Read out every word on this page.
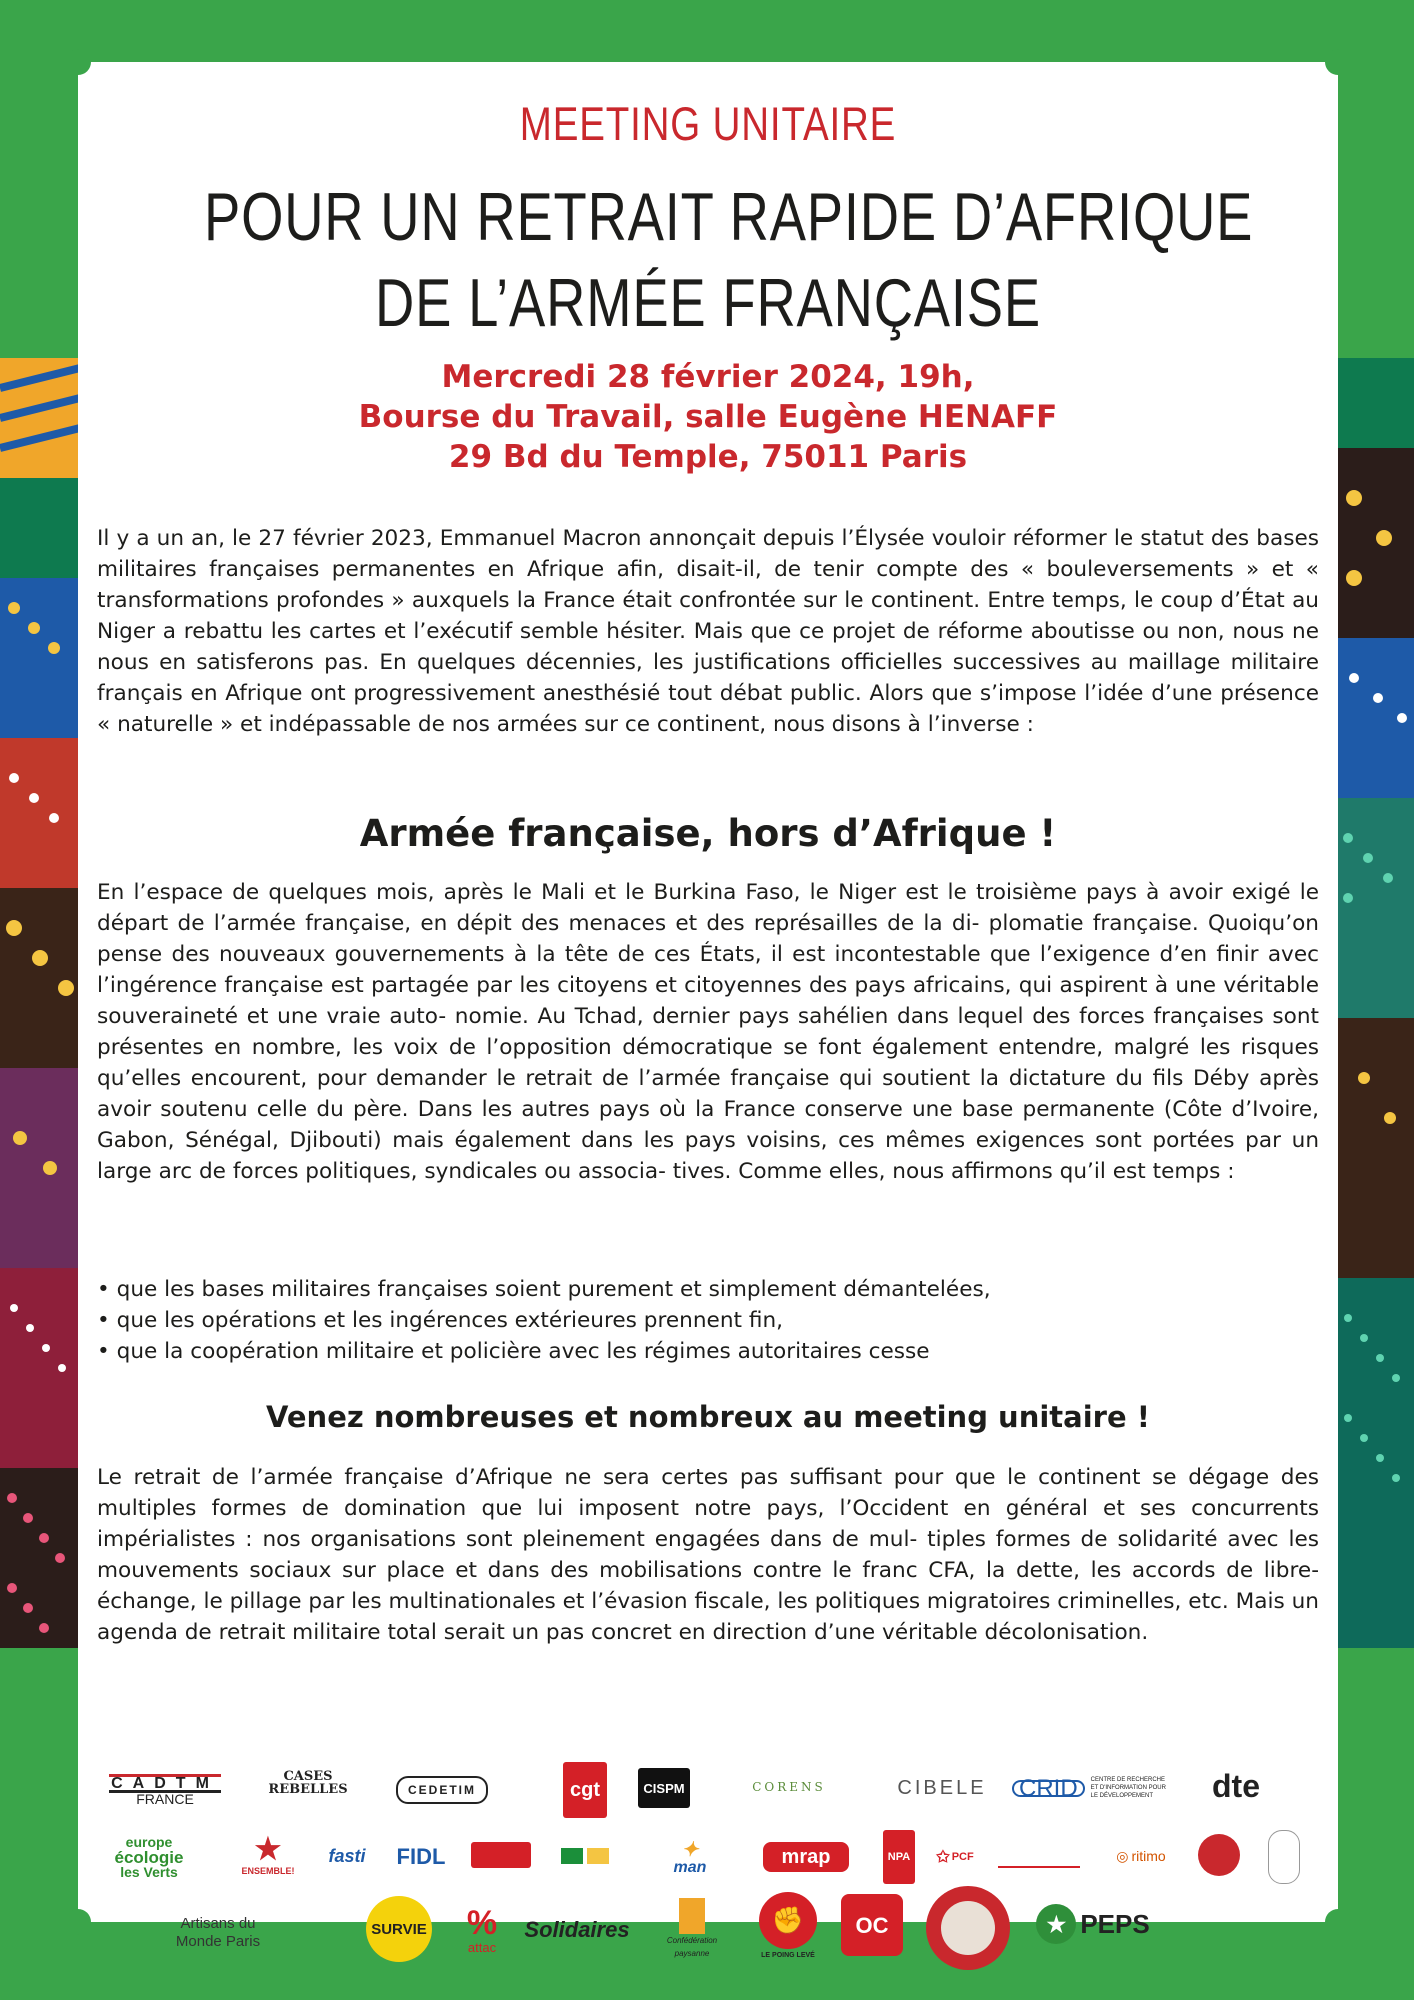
MEETING UNITAIRE
POUR UN RETRAIT RAPIDE D’AFRIQUE
DE L’ARMÉE FRANÇAISE
Mercredi 28 février 2024, 19h,
Bourse du Travail, salle Eugène HENAFF
29 Bd du Temple, 75011 Paris
Il y a un an, le 27 février 2023, Emmanuel Macron annonçait depuis l’Élysée vouloir réformer le statut des bases militaires françaises permanentes en Afrique afin, disait-il, de tenir compte des « bouleversements » et « transformations profondes » auxquels la France était confrontée sur le continent. Entre temps, le coup d’État au Niger a rebattu les cartes et l’exécutif semble hésiter. Mais que ce projet de réforme aboutisse ou non, nous ne nous en satisferons pas. En quelques décennies, les justifications officielles successives au maillage militaire français en Afrique ont progressivement anesthésié tout débat public. Alors que s’impose l’idée d’une présence « naturelle » et indépassable de nos armées sur ce continent, nous disons à l’inverse :
Armée française, hors d’Afrique !
En l’espace de quelques mois, après le Mali et le Burkina Faso, le Niger est le troisième pays à avoir exigé le départ de l’armée française, en dépit des menaces et des représailles de la di- plomatie française. Quoiqu’on pense des nouveaux gouvernements à la tête de ces États, il est incontestable que l’exigence d’en finir avec l’ingérence française est partagée par les citoyens et citoyennes des pays africains, qui aspirent à une véritable souveraineté et une vraie auto- nomie. Au Tchad, dernier pays sahélien dans lequel des forces françaises sont présentes en nombre, les voix de l’opposition démocratique se font également entendre, malgré les risques qu’elles encourent, pour demander le retrait de l’armée française qui soutient la dictature du fils Déby après avoir soutenu celle du père. Dans les autres pays où la France conserve une base permanente (Côte d’Ivoire, Gabon, Sénégal, Djibouti) mais également dans les pays voisins, ces mêmes exigences sont portées par un large arc de forces politiques, syndicales ou associa- tives. Comme elles, nous affirmons qu’il est temps :
• que les bases militaires françaises soient purement et simplement démantelées,
• que les opérations et les ingérences extérieures prennent fin,
• que la coopération militaire et policière avec les régimes autoritaires cesse
Venez nombreuses et nombreux au meeting unitaire !
Le retrait de l’armée française d’Afrique ne sera certes pas suffisant pour que le continent se dégage des multiples formes de domination que lui imposent notre pays, l’Occident en général et ses concurrents impérialistes : nos organisations sont pleinement engagées dans de mul- tiples formes de solidarité avec les mouvements sociaux sur place et dans des mobilisations contre le franc CFA, la dette, les accords de libre-échange, le pillage par les multinationales et l’évasion fiscale, les politiques migratoires criminelles, etc. Mais un agenda de retrait militaire total serait un pas concret en direction d’une véritable décolonisation.
CADTM
FRANCE
CASES REBELLES	CEDETIM	cgt	CISPM	CORENS	CIBELE CRID	CENTRE DE RECHERCHE ET D'INFORMATION POUR LE DÉVELOPPEMENT	dte
europe
écologie
les Verts
★
ENSEMBLE!
fasti FIDL	✦
man	mrap	NPA ✩ PCF	◎ ritimo
Artisans du Monde Paris
SURVIE %
attac
Solidaires	Confédération paysanne
✊
LE POING LEVÉ
OC	★ PEPS
